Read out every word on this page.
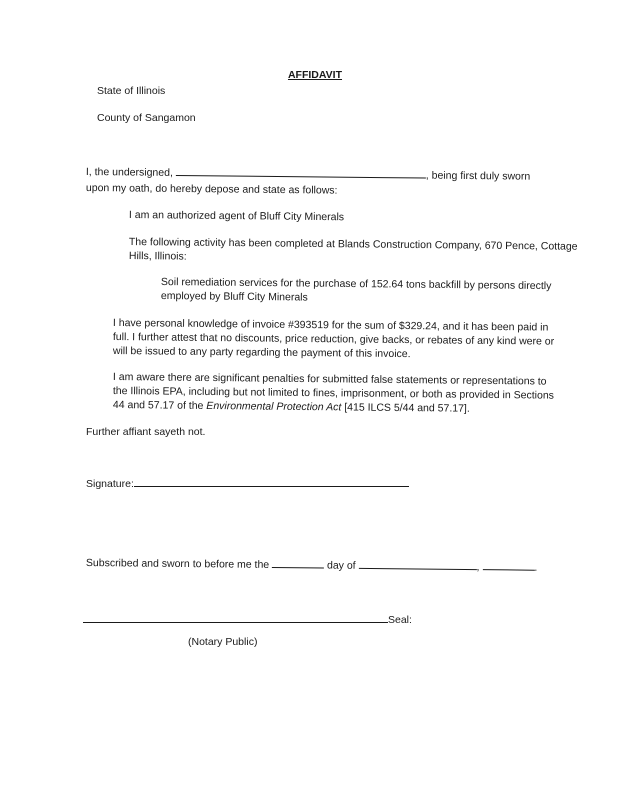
AFFIDAVIT
State of Illinois
County of Sangamon
I, the undersigned,	, being first duly sworn
upon my oath, do hereby depose and state as follows:
I am an authorized agent of Bluff City Minerals
The following activity has been completed at Blands Construction Company, 670 Pence, Cottage
Hills, Illinois:
Soil remediation services for the purchase of 152.64 tons backfill by persons directly
employed by Bluff City Minerals
I have personal knowledge of invoice #393519 for the sum of $329.24, and it has been paid in
full. I further attest that no discounts, price reduction, give backs, or rebates of any kind were or
will be issued to any party regarding the payment of this invoice.
I am aware there are significant penalties for submitted false statements or representations to
the Illinois EPA, including but not limited to fines, imprisonment, or both as provided in Sections
44 and 57.17 of the Environmental Protection Act [415 ILCS 5/44 and 57.17].
Further affiant sayeth not.
Signature:
Subscribed and sworn to before me the	day of	,	.
Seal:
(Notary Public)
